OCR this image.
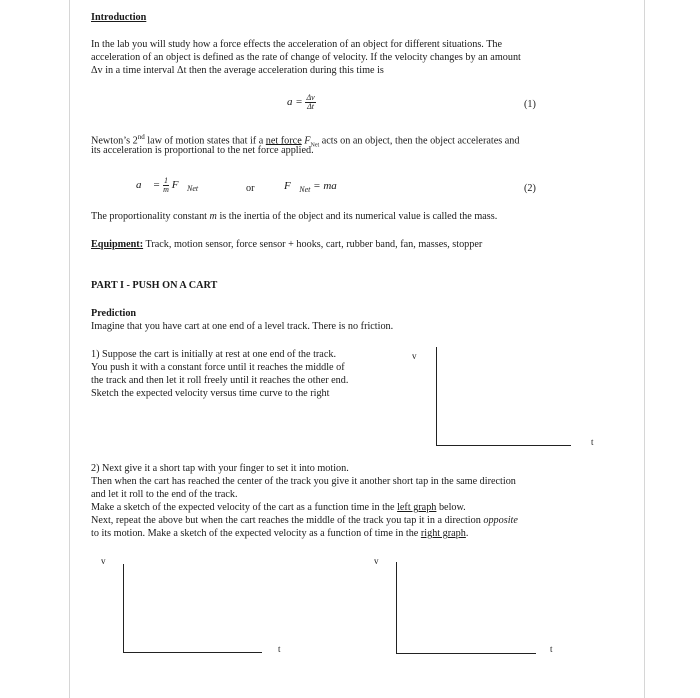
Introduction
In the lab you will study how a force effects the acceleration of an object for different situations. The
acceleration of an object is defined as the rate of change of velocity. If the velocity changes by an amount
Δv in a time interval Δt then the average acceleration during this time is
$a = \frac{\Delta v}{\Delta t}$	(1)
Newton’s 2nd law of motion states that if a net force $F_{Net}$ acts on an object, then the object accelerates and
its acceleration is proportional to the net force applied.
a⃗ = $\frac{1}{m}$ $F⃗_{Net}$	or	$F⃗_{Net}$ = ma⃗	(2)
The proportionality constant m is the inertia of the object and its numerical value is called the mass.
Equipment: Track, motion sensor, force sensor + hooks, cart, rubber band, fan, masses, stopper
PART I - PUSH ON A CART
Prediction
Imagine that you have cart at one end of a level track. There is no friction.
1) Suppose the cart is initially at rest at one end of the track.
You push it with a constant force until it reaches the middle of
the track and then let it roll freely until it reaches the other end.
Sketch the expected velocity versus time curve to the right
v
t
2) Next give it a short tap with your finger to set it into motion.
Then when the cart has reached the center of the track you give it another short tap in the same direction
and let it roll to the end of the track.
Make a sketch of the expected velocity of the cart as a function time in the left graph below.
Next, repeat the above but when the cart reaches the middle of the track you tap it in a direction opposite
to its motion. Make a sketch of the expected velocity as a function of time in the right graph.
v
t
v
t
